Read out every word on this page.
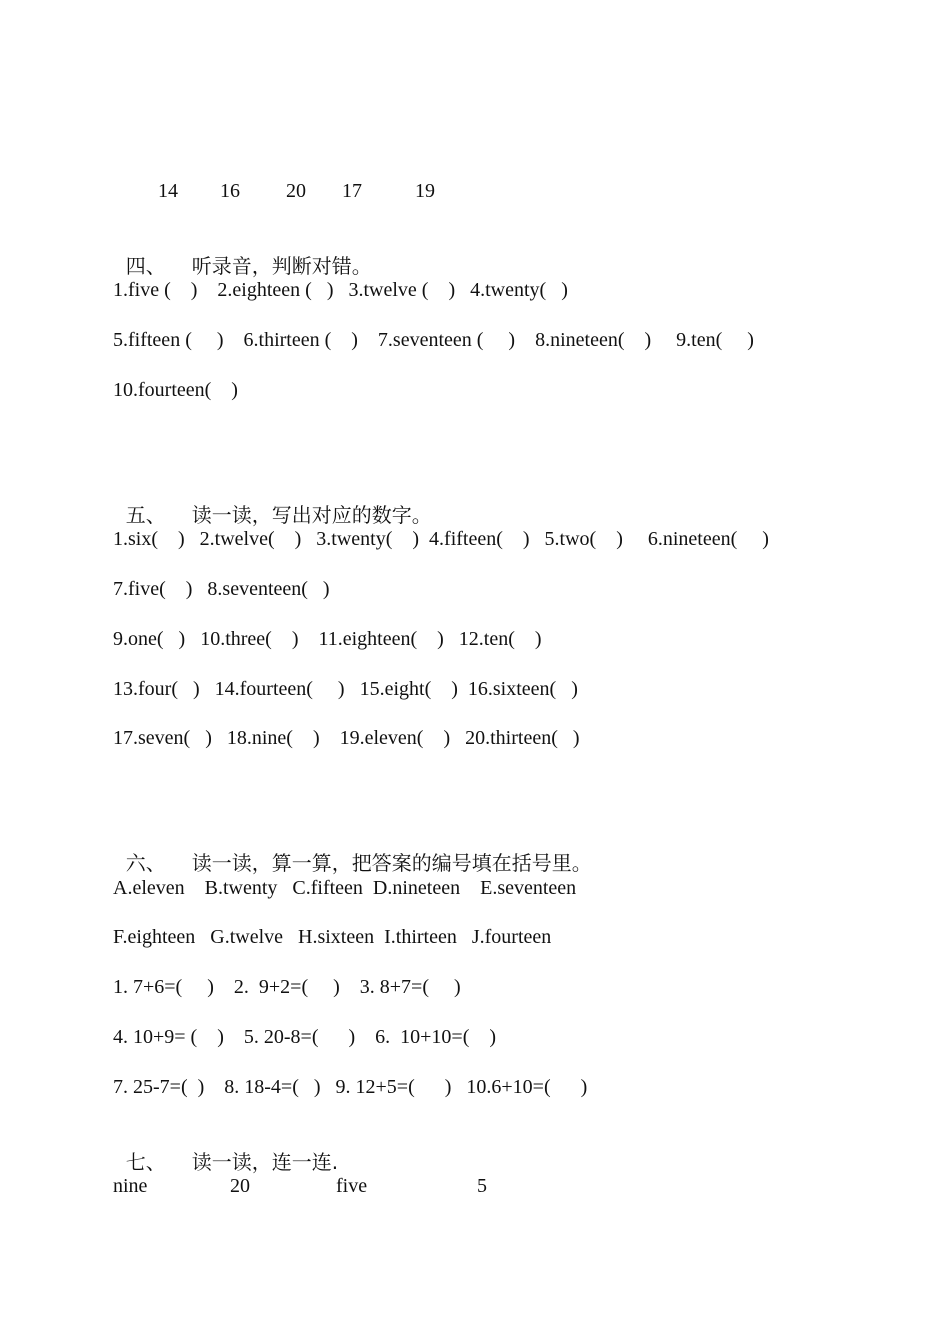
14 16 20 17	19

四、 听录音，判断对错。

1.five (    )    2.eighteen (   )   3.twelve (    )   4.twenty(   )
5.fifteen (     )    6.thirteen (    )    7.seventeen (     )    8.nineteen(    )     9.ten(     )
10.fourteen(    )

五、 读一读，写出对应的数字。

1.six(    )   2.twelve(    )   3.twenty(    )  4.fifteen(    )   5.two(    )     6.nineteen(     )
7.five(    )   8.seventeen(   )
9.one(   )   10.three(    )    11.eighteen(    )   12.ten(    )
13.four(   )   14.fourteen(     )   15.eight(    )  16.sixteen(   )
17.seven(   )   18.nine(    )    19.eleven(    )   20.thirteen(   )

六、 读一读，算一算，把答案的编号填在括号里。

A.eleven    B.twenty   C.fifteen  D.nineteen    E.seventeen
F.eighteen   G.twelve   H.sixteen  I.thirteen   J.fourteen
1. 7+6=(     )    2.  9+2=(     )    3. 8+7=(     )
4. 10+9= (    )    5. 20-8=(      )    6.  10+10=(    )
7. 25-7=(  )    8. 18-4=(   )   9. 12+5=(      )   10.6+10=(      )

七、 读一读，连一连.

nine	20	five	5
